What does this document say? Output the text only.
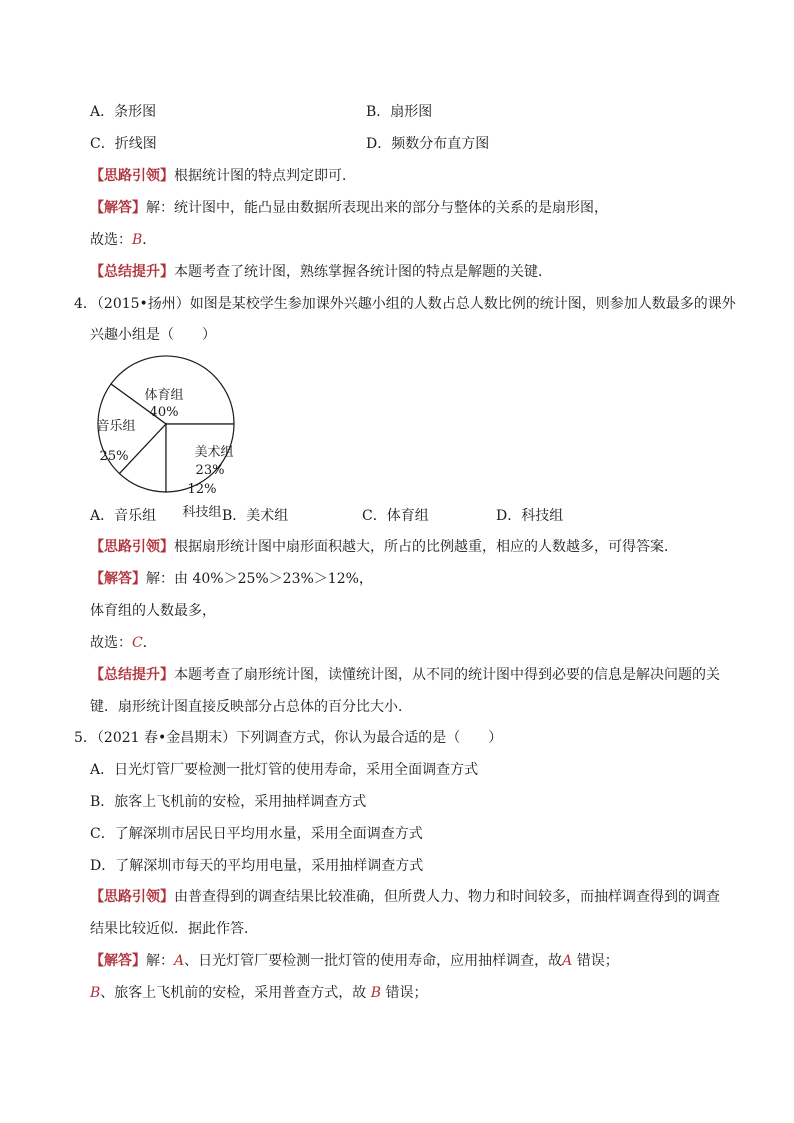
A．条形图	B．扇形图
C．折线图	D．频数分布直方图
【思路引领】根据统计图的特点判定即可．
【解答】解：统计图中，能凸显由数据所表现出来的部分与整体的关系的是扇形图，
故选：B．
【总结提升】本题考查了统计图，熟练掌握各统计图的特点是解题的关键．
4．（2015•扬州）如图是某校学生参加课外兴趣小组的人数占总人数比例的统计图，则参加人数最多的课外
兴趣小组是（　　）
体育组
40%
美术组
23%
科技组
12%
音乐组
25%
A．音乐组	B．美术组	C．体育组	D．科技组
【思路引领】根据扇形统计图中扇形面积越大，所占的比例越重，相应的人数越多，可得答案．
【解答】解：由 40%＞25%＞23%＞12%，
体育组的人数最多，
故选：C．
【总结提升】本题考查了扇形统计图，读懂统计图，从不同的统计图中得到必要的信息是解决问题的关
键．扇形统计图直接反映部分占总体的百分比大小．
5．（2021 春•金昌期末）下列调查方式，你认为最合适的是（　　）
A．日光灯管厂要检测一批灯管的使用寿命，采用全面调查方式
B．旅客上飞机前的安检，采用抽样调查方式
C．了解深圳市居民日平均用水量，采用全面调查方式
D．了解深圳市每天的平均用电量，采用抽样调查方式
【思路引领】由普查得到的调查结果比较准确，但所费人力、物力和时间较多，而抽样调查得到的调查
结果比较近似．据此作答．
【解答】解：A、日光灯管厂要检测一批灯管的使用寿命，应用抽样调查，故A 错误；
B、旅客上飞机前的安检，采用普查方式，故 B 错误；
